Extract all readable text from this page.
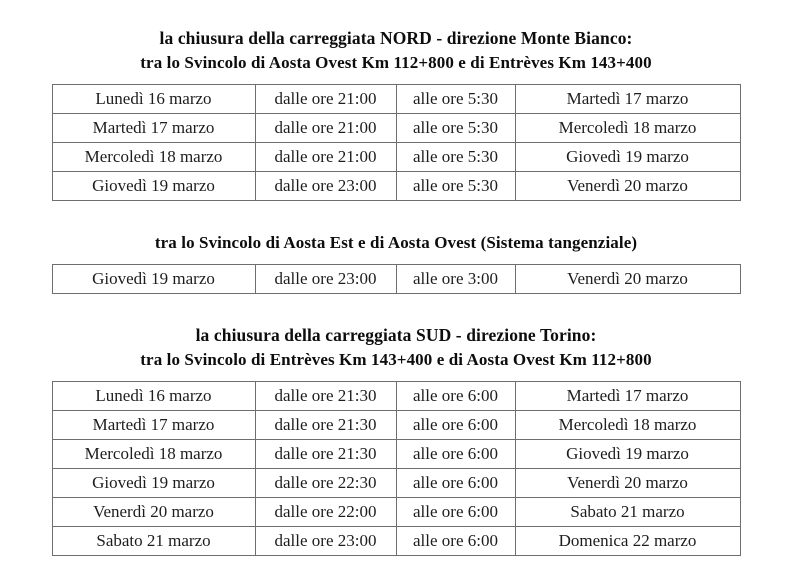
la chiusura della carreggiata NORD - direzione Monte Bianco:
tra lo Svincolo di Aosta Ovest Km 112+800 e di Entrèves Km 143+400
Lunedì 16 marzo	dalle ore 21:00	alle ore 5:30	Martedì 17 marzo
Martedì 17 marzo	dalle ore 21:00	alle ore 5:30	Mercoledì 18 marzo
Mercoledì 18 marzo	dalle ore 21:00	alle ore 5:30	Giovedì 19 marzo
Giovedì 19 marzo	dalle ore 23:00	alle ore 5:30	Venerdì 20 marzo
tra lo Svincolo di Aosta Est e di Aosta Ovest (Sistema tangenziale)
Giovedì 19 marzo	dalle ore 23:00	alle ore 3:00	Venerdì 20 marzo
la chiusura della carreggiata SUD - direzione Torino:
tra lo Svincolo di Entrèves Km 143+400 e di Aosta Ovest Km 112+800
Lunedì 16 marzo	dalle ore 21:30	alle ore 6:00	Martedì 17 marzo
Martedì 17 marzo	dalle ore 21:30	alle ore 6:00	Mercoledì 18 marzo
Mercoledì 18 marzo	dalle ore 21:30	alle ore 6:00	Giovedì 19 marzo
Giovedì 19 marzo	dalle ore 22:30	alle ore 6:00	Venerdì 20 marzo
Venerdì 20 marzo	dalle ore 22:00	alle ore 6:00	Sabato 21 marzo
Sabato 21 marzo	dalle ore 23:00	alle ore 6:00	Domenica 22 marzo
